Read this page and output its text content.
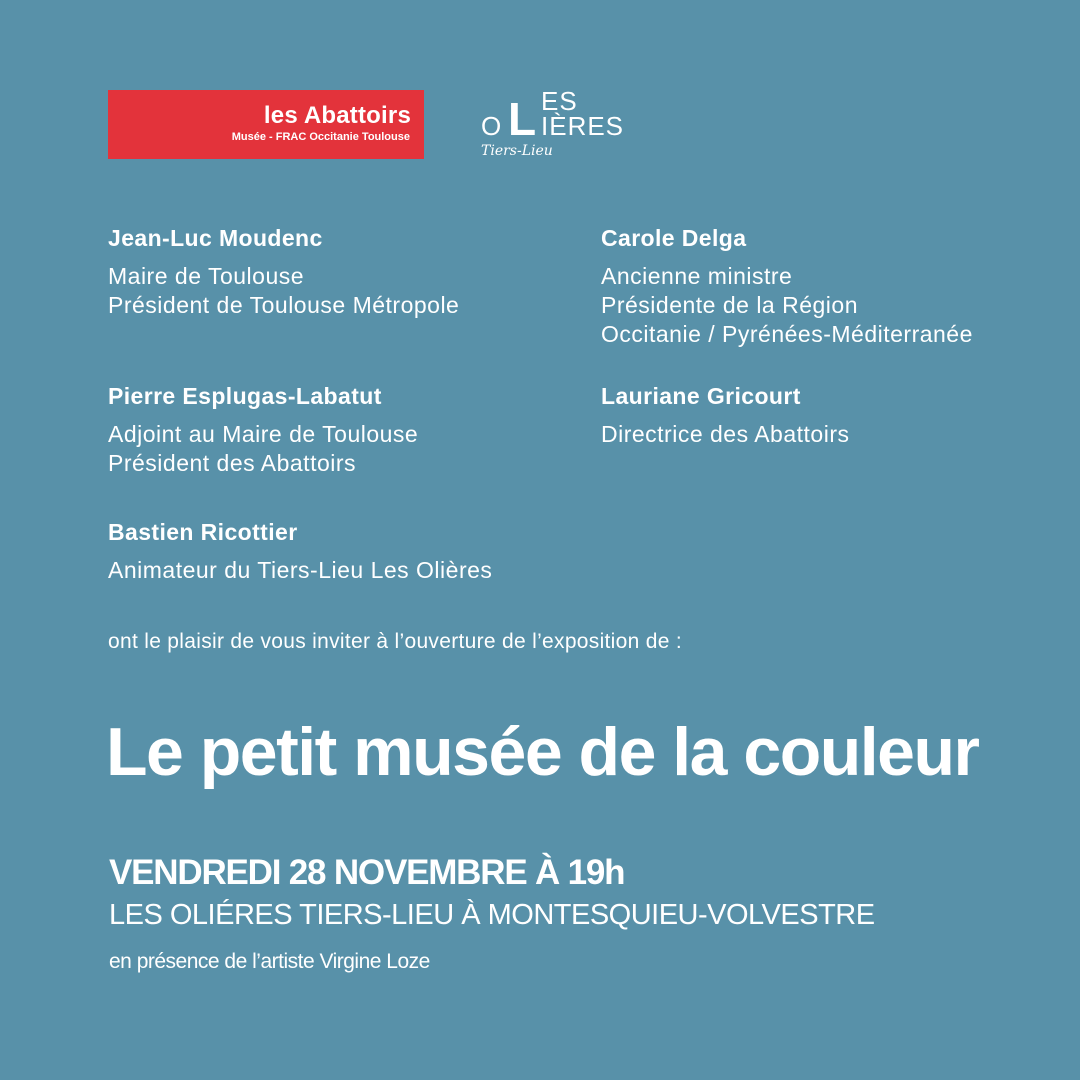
les Abattoirs
Musée - FRAC Occitanie Toulouse
ES
O L IÈRES
Tiers-Lieu
Jean-Luc Moudenc
Maire de Toulouse
Président de Toulouse Métropole
Carole Delga
Ancienne ministre
Présidente de la Région
Occitanie / Pyrénées-Méditerranée
Pierre Esplugas-Labatut
Adjoint au Maire de Toulouse
Président des Abattoirs
Lauriane Gricourt
Directrice des Abattoirs
Bastien Ricottier
Animateur du Tiers-Lieu Les Olières
ont le plaisir de vous inviter à l’ouverture de l’exposition de :
Le petit musée de la couleur
VENDREDI 28 NOVEMBRE À 19h
LES OLIÉRES TIERS-LIEU À MONTESQUIEU-VOLVESTRE
en présence de l’artiste Virgine Loze
